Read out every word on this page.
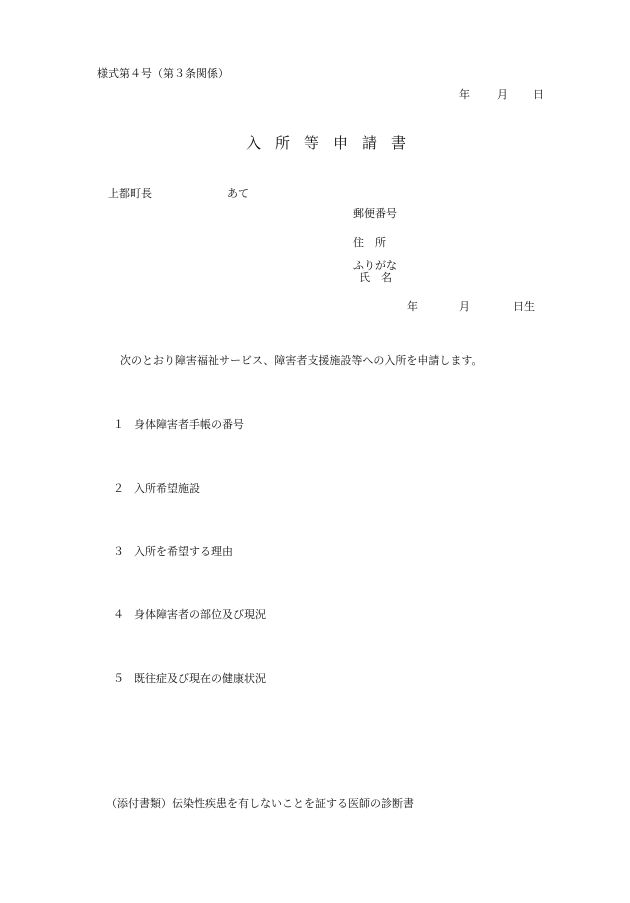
様式第４号（第３条関係）
年 月 日
入所等申請書
上都町長	あて
郵便番号
住　所
ふりがな
氏　名
年	月	日生
次のとおり障害福祉サービス、障害者支援施設等への入所を申請します。
１ 身体障害者手帳の番号
２ 入所希望施設
３ 入所を希望する理由
４ 身体障害者の部位及び現況
５ 既往症及び現在の健康状況
（添付書類）伝染性疾患を有しないことを証する医師の診断書
